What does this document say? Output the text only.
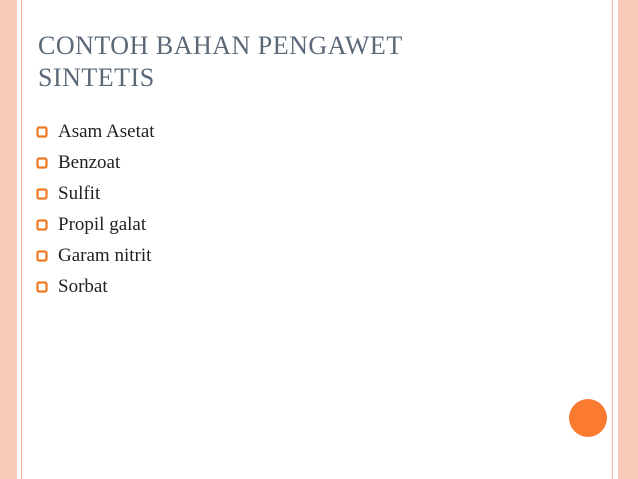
CONTOH BAHAN PENGAWET
SINTETIS
Asam Asetat
Benzoat
Sulfit
Propil galat
Garam nitrit
Sorbat
